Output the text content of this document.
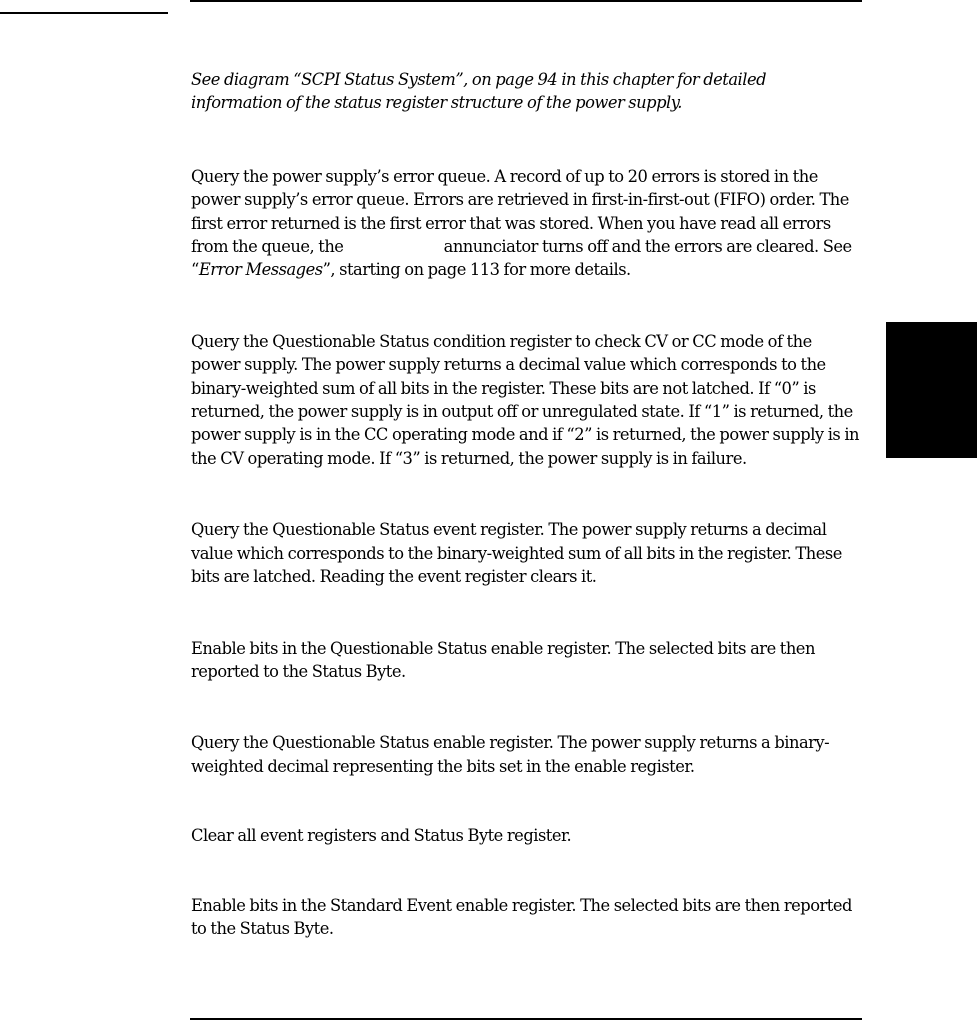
See diagram “SCPI Status System”, on page 94 in this chapter for detailed information of the status register structure of the power supply.

Query the power supply’s error queue. A record of up to 20 errors is stored in the power supply’s error queue. Errors are retrieved in first-in-first-out (FIFO) order. The first error returned is the first error that was stored. When you have read all errors from the queue, the	annunciator turns off and the errors are cleared. See “Error Messages”, starting on page 113 for more details.

Query the Questionable Status condition register to check CV or CC mode of the power supply. The power supply returns a decimal value which corresponds to the binary-weighted sum of all bits in the register. These bits are not latched. If “0” is returned, the power supply is in output off or unregulated state. If “1” is returned, the power supply is in the CC operating mode and if “2” is returned, the power supply is in the CV operating mode. If “3” is returned, the power supply is in failure.

Query the Questionable Status event register. The power supply returns a decimal value which corresponds to the binary-weighted sum of all bits in the register. These bits are latched. Reading the event register clears it.

Enable bits in the Questionable Status enable register. The selected bits are then reported to the Status Byte.

Query the Questionable Status enable register. The power supply returns a binary-weighted decimal representing the bits set in the enable register.

Clear all event registers and Status Byte register.

Enable bits in the Standard Event enable register. The selected bits are then reported to the Status Byte.
